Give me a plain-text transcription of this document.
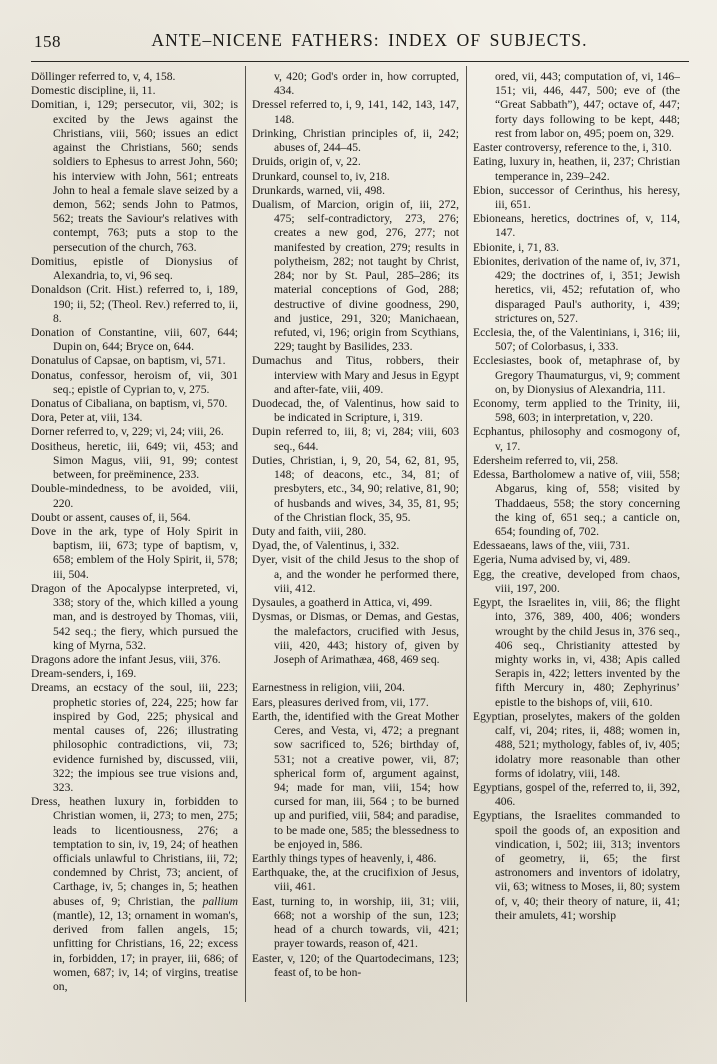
158	ANTE–NICENE FATHERS: INDEX OF SUBJECTS.

Döllinger referred to, v, 4, 158.

Domestic discipline, ii, 11.

Domitian, i, 129; persecutor, vii, 302; is excited by the Jews against the Christians, viii, 560; issues an edict against the Christians, 560; sends soldiers to Ephesus to arrest John, 560; his interview with John, 561; entreats John to heal a female slave seized by a demon, 562; sends John to Patmos, 562; treats the Saviour's relatives with contempt, 763; puts a stop to the persecution of the church, 763.

Domitius, epistle of Dionysius of Alexandria, to, vi, 96 seq.

Donaldson (Crit. Hist.) referred to, i, 189, 190; ii, 52; (Theol. Rev.) referred to, ii, 8.

Donation of Constantine, viii, 607, 644; Dupin on, 644; Bryce on, 644.

Donatulus of Capsae, on baptism, vi, 571.

Donatus, confessor, heroism of, vii, 301 seq.; epistle of Cyprian to, v, 275.

Donatus of Cibaliana, on baptism, vi, 570.

Dora, Peter at, viii, 134.

Dorner referred to, v, 229; vi, 24; viii, 26.

Dositheus, heretic, iii, 649; vii, 453; and Simon Magus, viii, 91, 99; contest between, for preëminence, 233.

Double-mindedness, to be avoided, viii, 220.

Doubt or assent, causes of, ii, 564.

Dove in the ark, type of Holy Spirit in baptism, iii, 673; type of baptism, v, 658; emblem of the Holy Spirit, ii, 578; iii, 504.

Dragon of the Apocalypse interpreted, vi, 338; story of the, which killed a young man, and is destroyed by Thomas, viii, 542 seq.; the fiery, which pursued the king of Myrna, 532.

Dragons adore the infant Jesus, viii, 376.

Dream-senders, i, 169.

Dreams, an ecstacy of the soul, iii, 223; prophetic stories of, 224, 225; how far inspired by God, 225; physical and mental causes of, 226; illustrating philosophic contradictions, vii, 73; evidence furnished by, discussed, viii, 322; the impious see true visions and, 323.

Dress, heathen luxury in, forbidden to Christian women, ii, 273; to men, 275; leads to licentiousness, 276; a temptation to sin, iv, 19, 24; of heathen officials unlawful to Christians, iii, 72; condemned by Christ, 73; ancient, of Carthage, iv, 5; changes in, 5; heathen abuses of, 9; Christian, the pallium (mantle), 12, 13; ornament in woman's, derived from fallen angels, 15; unfitting for Christians, 16, 22; excess in, forbidden, 17; in prayer, iii, 686; of women, 687; iv, 14; of virgins, treatise on,

v, 420; God's order in, how corrupted, 434.

Dressel referred to, i, 9, 141, 142, 143, 147, 148.

Drinking, Christian principles of, ii, 242; abuses of, 244–45.

Druids, origin of, v, 22.

Drunkard, counsel to, iv, 218.

Drunkards, warned, vii, 498.

Dualism, of Marcion, origin of, iii, 272, 475; self-contradictory, 273, 276; creates a new god, 276, 277; not manifested by creation, 279; results in polytheism, 282; not taught by Christ, 284; nor by St. Paul, 285–286; its material conceptions of God, 288; destructive of divine goodness, 290, and justice, 291, 320; Manichaean, refuted, vi, 196; origin from Scythians, 229; taught by Basilides, 233.

Dumachus and Titus, robbers, their interview with Mary and Jesus in Egypt and after-fate, viii, 409.

Duodecad, the, of Valentinus, how said to be indicated in Scripture, i, 319.

Dupin referred to, iii, 8; vi, 284; viii, 603 seq., 644.

Duties, Christian, i, 9, 20, 54, 62, 81, 95, 148; of deacons, etc., 34, 81; of presbyters, etc., 34, 90; relative, 81, 90; of husbands and wives, 34, 35, 81, 95; of the Christian flock, 35, 95.

Duty and faith, viii, 280.

Dyad, the, of Valentinus, i, 332.

Dyer, visit of the child Jesus to the shop of a, and the wonder he performed there, viii, 412.

Dysaules, a goatherd in Attica, vi, 499.

Dysmas, or Dismas, or Demas, and Gestas, the malefactors, crucified with Jesus, viii, 420, 443; history of, given by Joseph of Arimathæa, 468, 469 seq.

Earnestness in religion, viii, 204.

Ears, pleasures derived from, vii, 177.

Earth, the, identified with the Great Mother Ceres, and Vesta, vi, 472; a pregnant sow sacrificed to, 526; birthday of, 531; not a creative power, vii, 87; spherical form of, argument against, 94; made for man, viii, 154; how cursed for man, iii, 564 ; to be burned up and purified, viii, 584; and paradise, to be made one, 585; the blessedness to be enjoyed in, 586.

Earthly things types of heavenly, i, 486.

Earthquake, the, at the crucifixion of Jesus, viii, 461.

East, turning to, in worship, iii, 31; viii, 668; not a worship of the sun, 123; head of a church towards, vii, 421; prayer towards, reason of, 421.

Easter, v, 120; of the Quartodecimans, 123; feast of, to be hon-

ored, vii, 443; computation of, vi, 146–151; vii, 446, 447, 500; eve of (the “Great Sabbath”), 447; octave of, 447; forty days following to be kept, 448; rest from labor on, 495; poem on, 329.

Easter controversy, reference to the, i, 310.

Eating, luxury in, heathen, ii, 237; Christian temperance in, 239–242.

Ebion, successor of Cerinthus, his heresy, iii, 651.

Ebioneans, heretics, doctrines of, v, 114, 147.

Ebionite, i, 71, 83.

Ebionites, derivation of the name of, iv, 371, 429; the doctrines of, i, 351; Jewish heretics, vii, 452; refutation of, who disparaged Paul's authority, i, 439; strictures on, 527.

Ecclesia, the, of the Valentinians, i, 316; iii, 507; of Colorbasus, i, 333.

Ecclesiastes, book of, metaphrase of, by Gregory Thaumaturgus, vi, 9; comment on, by Dionysius of Alexandria, 111.

Economy, term applied to the Trinity, iii, 598, 603; in interpretation, v, 220.

Ecphantus, philosophy and cosmogony of, v, 17.

Edersheim referred to, vii, 258.

Edessa, Bartholomew a native of, viii, 558; Abgarus, king of, 558; visited by Thaddaeus, 558; the story concerning the king of, 651 seq.; a canticle on, 654; founding of, 702.

Edessaeans, laws of the, viii, 731.

Egeria, Numa advised by, vi, 489.

Egg, the creative, developed from chaos, viii, 197, 200.

Egypt, the Israelites in, viii, 86; the flight into, 376, 389, 400, 406; wonders wrought by the child Jesus in, 376 seq., 406 seq., Christianity attested by mighty works in, vi, 438; Apis called Serapis in, 422; letters invented by the fifth Mercury in, 480; Zephyrinus’ epistle to the bishops of, viii, 610.

Egyptian, proselytes, makers of the golden calf, vi, 204; rites, ii, 488; women in, 488, 521; mythology, fables of, iv, 405; idolatry more reasonable than other forms of idolatry, viii, 148.

Egyptians, gospel of the, referred to, ii, 392, 406.

Egyptians, the Israelites commanded to spoil the goods of, an exposition and vindication, i, 502; iii, 313; inventors of geometry, ii, 65; the first astronomers and inventors of idolatry, vii, 63; witness to Moses, ii, 80; system of, v, 40; their theory of nature, ii, 41; their amulets, 41; worship
